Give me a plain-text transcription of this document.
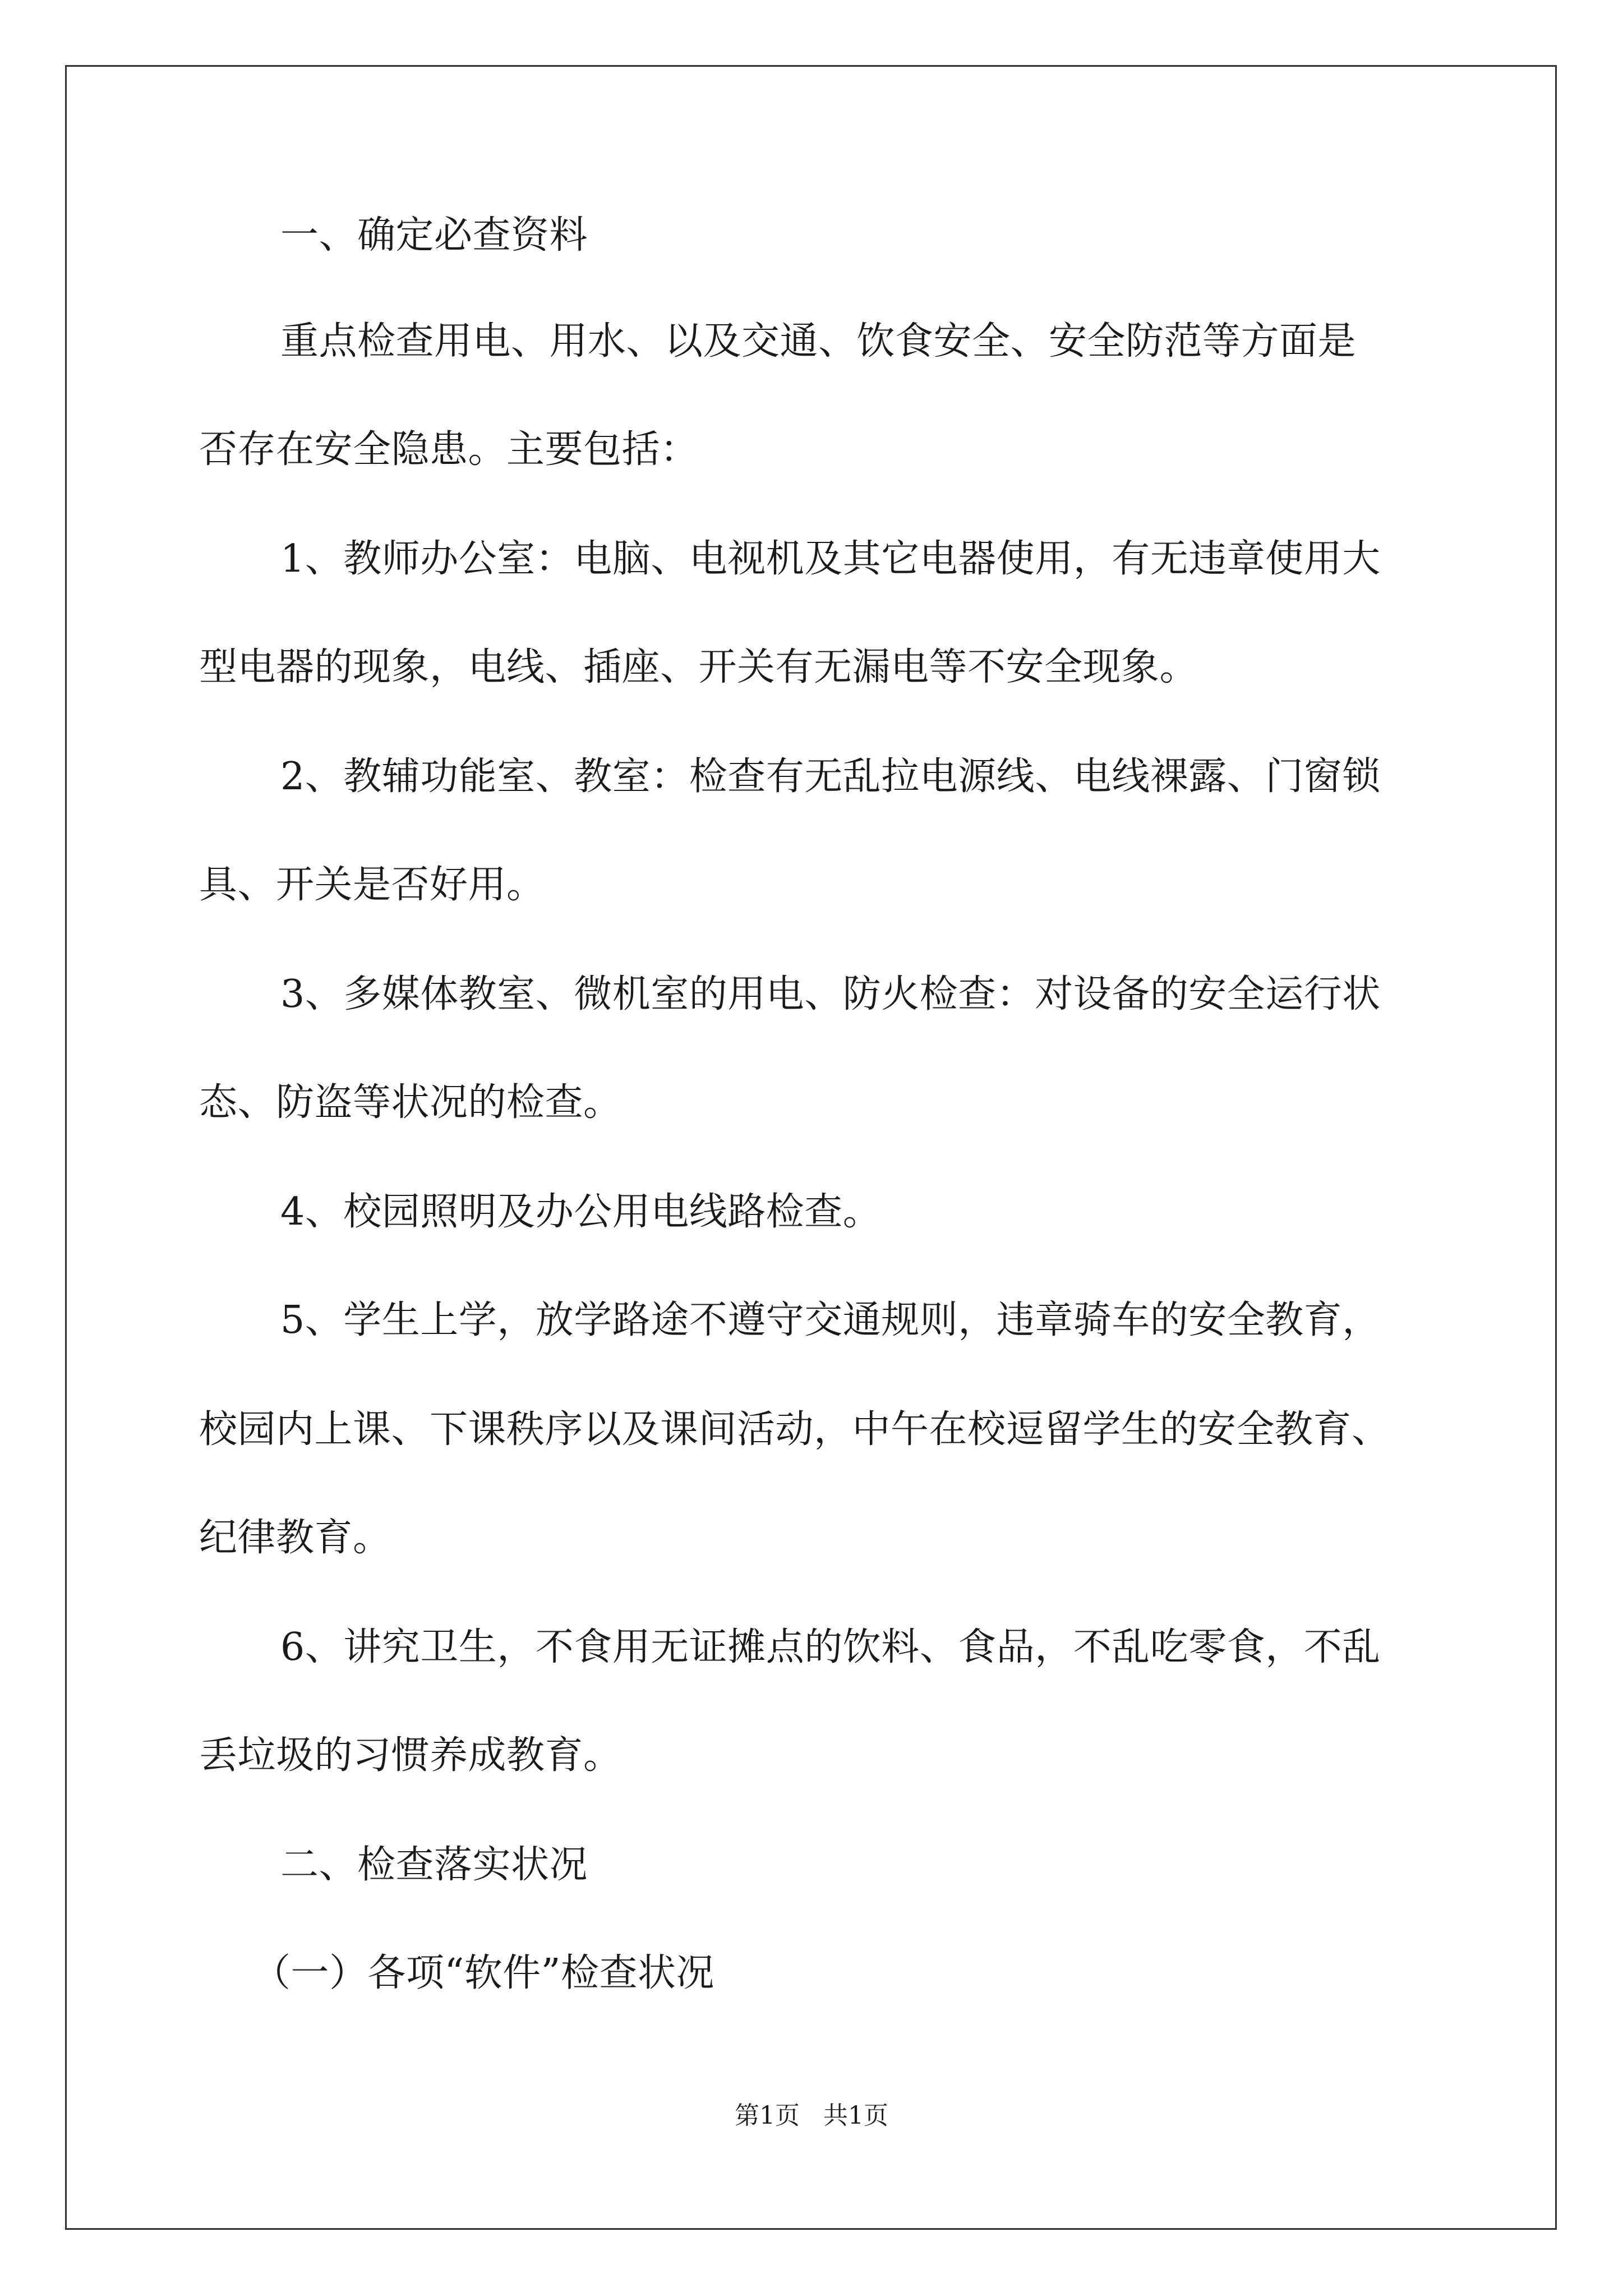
一、确定必查资料
重点检查用电、用水、以及交通、饮食安全、安全防范等方面是
否存在安全隐患。主要包括：
1、教师办公室：电脑、电视机及其它电器使用，有无违章使用大
型电器的现象，电线、插座、开关有无漏电等不安全现象。
2、教辅功能室、教室：检查有无乱拉电源线、电线裸露、门窗锁
具、开关是否好用。
3、多媒体教室、微机室的用电、防火检查：对设备的安全运行状
态、防盗等状况的检查。
4、校园照明及办公用电线路检查。
5、学生上学，放学路途不遵守交通规则，违章骑车的安全教育，
校园内上课、下课秩序以及课间活动，中午在校逗留学生的安全教育、
纪律教育。
6、讲究卫生，不食用无证摊点的饮料、食品，不乱吃零食，不乱
丢垃圾的习惯养成教育。
二、检查落实状况
（一）各项“软件”检查状况
第1页   共1页
